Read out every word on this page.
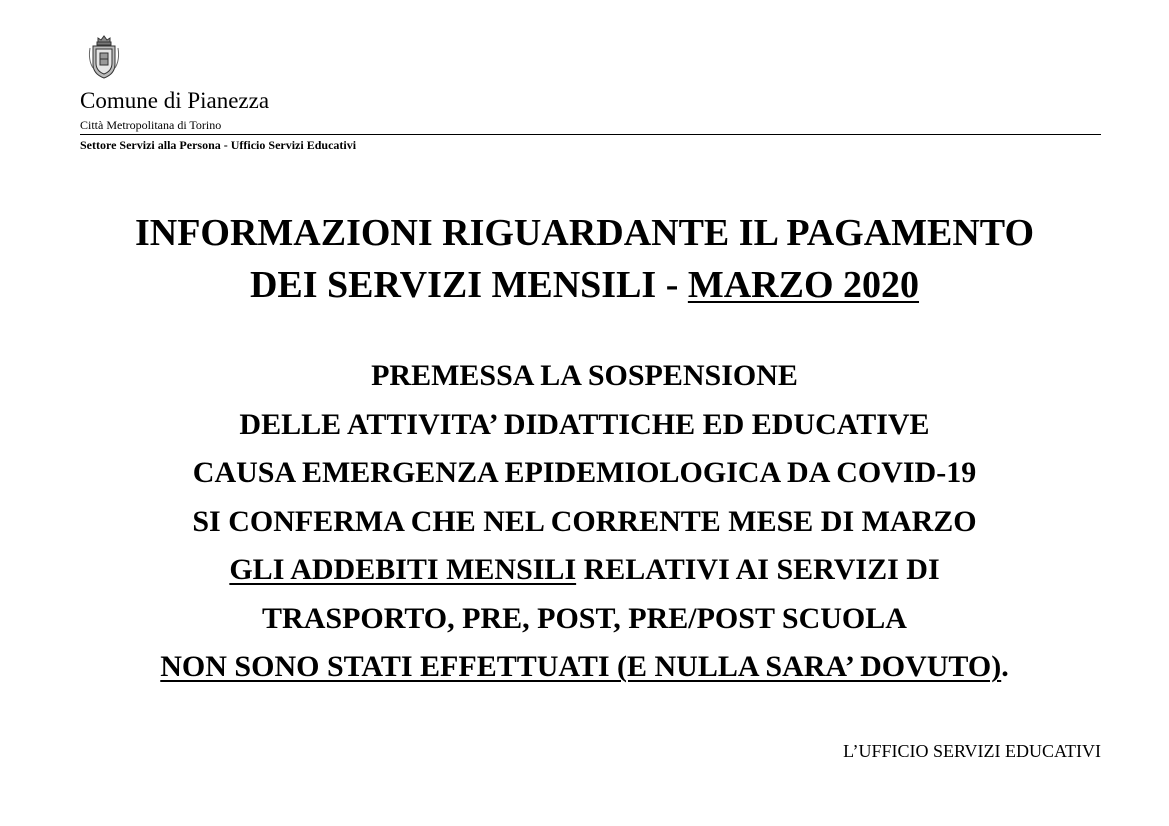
Comune di Pianezza
Città Metropolitana di Torino
Settore Servizi alla Persona - Ufficio Servizi Educativi
INFORMAZIONI RIGUARDANTE IL PAGAMENTO
DEI SERVIZI MENSILI - MARZO 2020
PREMESSA LA SOSPENSIONE
DELLE ATTIVITA’ DIDATTICHE ED EDUCATIVE
CAUSA EMERGENZA EPIDEMIOLOGICA DA COVID-19
SI CONFERMA CHE NEL CORRENTE MESE DI MARZO
GLI ADDEBITI MENSILI RELATIVI AI SERVIZI DI
TRASPORTO, PRE, POST, PRE/POST SCUOLA
NON SONO STATI EFFETTUATI (E NULLA SARA’ DOVUTO).
L’UFFICIO SERVIZI EDUCATIVI
